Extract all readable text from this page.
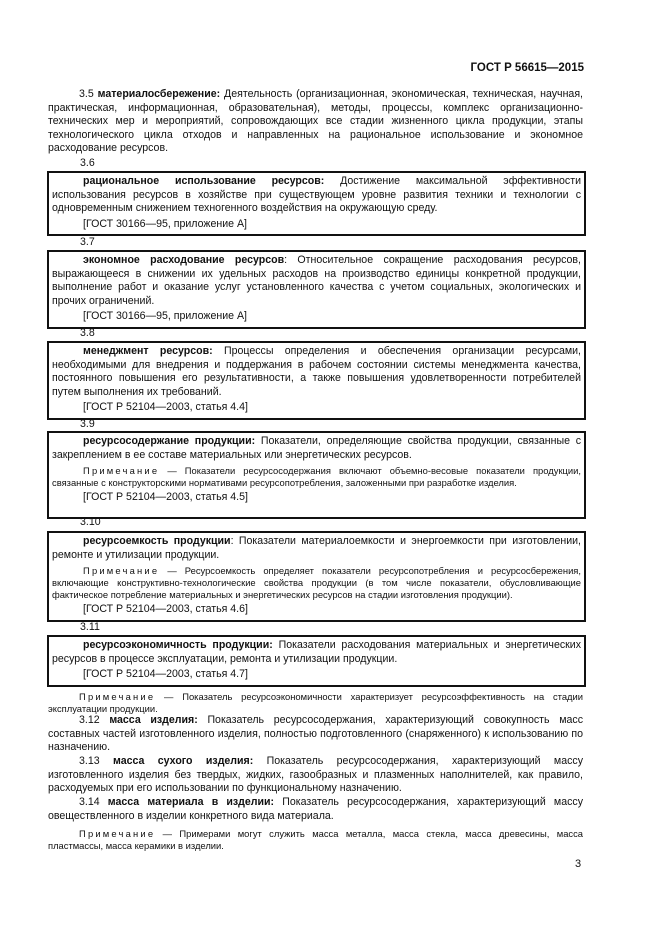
ГОСТ Р 56615—2015

3.5 материалосбережение: Деятельность (организационная, экономическая, техническая, научная, практическая, информационная, образовательная), методы, процессы, комплекс организационно-технических мер и мероприятий, сопровождающих все стадии жизненного цикла продукции, этапы технологического цикла отходов и направленных на рациональное использование и экономное расходование ресурсов.

3.6

рациональное использование ресурсов: Достижение максимальной эффективности использования ресурсов в хозяйстве при существующем уровне развития техники и технологии с одновременным снижением техногенного воздействия на окружающую среду.

[ГОСТ 30166—95, приложение А]

3.7

экономное расходование ресурсов: Относительное сокращение расходования ресурсов, выражающееся в снижении их удельных расходов на производство единицы конкретной продукции, выполнение работ и оказание услуг установленного качества с учетом социальных, экологических и прочих ограничений.

[ГОСТ 30166—95, приложение А]

3.8

менеджмент ресурсов: Процессы определения и обеспечения организации ресурсами, необходимыми для внедрения и поддержания в рабочем состоянии системы менеджмента качества, постоянного повышения его результативности, а также повышения удовлетворенности потребителей путем выполнения их требований.

[ГОСТ Р 52104—2003, статья 4.4]

3.9

ресурсосодержание продукции: Показатели, определяющие свойства продукции, связанные с закреплением в ее составе материальных или энергетических ресурсов.

Примечание — Показатели ресурсосодержания включают объемно-весовые показатели продукции, связанные с конструкторскими нормативами ресурсопотребления, заложенными при разработке изделия.

[ГОСТ Р 52104—2003, статья 4.5]

3.10

ресурсоемкость продукции: Показатели материалоемкости и энергоемкости при изготовлении, ремонте и утилизации продукции.

Примечание — Ресурсоемкость определяет показатели ресурсопотребления и ресурсосбережения, включающие конструктивно-технологические свойства продукции (в том числе показатели, обусловливающие фактическое потребление материальных и энергетических ресурсов на стадии изготовления продукции).

[ГОСТ Р 52104—2003, статья 4.6]

3.11

ресурсоэкономичность продукции: Показатели расходования материальных и энергетических ресурсов в процессе эксплуатации, ремонта и утилизации продукции.

[ГОСТ Р 52104—2003, статья 4.7]

Примечание — Показатель ресурсоэкономичности характеризует ресурсоэффективность на стадии эксплуатации продукции.

3.12 масса изделия: Показатель ресурсосодержания, характеризующий совокупность масс составных частей изготовленного изделия, полностью подготовленного (снаряженного) к использованию по назначению.

3.13 масса сухого изделия: Показатель ресурсосодержания, характеризующий массу изготовленного изделия без твердых, жидких, газообразных и плазменных наполнителей, как правило, расходуемых при его использовании по функциональному назначению.

3.14 масса материала в изделии: Показатель ресурсосодержания, характеризующий массу овеществленного в изделии конкретного вида материала.

Примечание — Примерами могут служить масса металла, масса стекла, масса древесины, масса пластмассы, масса керамики в изделии.

3
